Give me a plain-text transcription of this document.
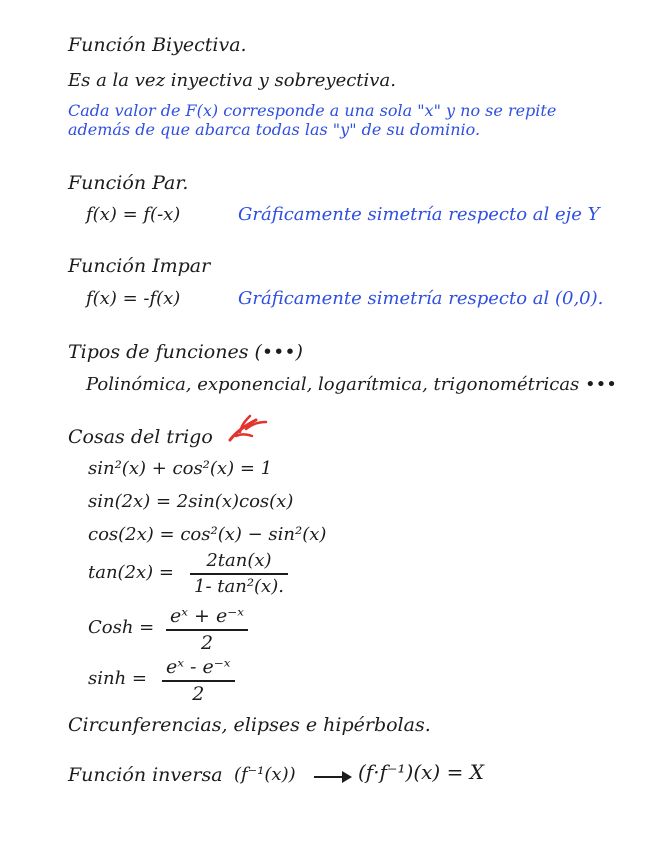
Función Biyectiva.
Es a la vez inyectiva y sobreyectiva.
Cada valor de F(x) corresponde a una sola "x" y no se repite
además de que abarca todas las "y" de su dominio.
Función Par.
f(x) = f(-x)	Gráficamente simetría respecto al eje Y
Función Impar
f(x) = -f(x)	Gráficamente simetría respecto al (0,0).
Tipos de funciones (•••)
Polinómica, exponencial, logarítmica, trigonométricas •••
Cosas del trigo
sin²(x) + cos²(x) = 1
sin(2x) = 2sin(x)cos(x)
cos(2x) = cos²(x) − sin²(x)
tan(2x) =
2tan(x)
1- tan²(x).
Cosh =
eˣ + e⁻ˣ
2
sinh =
eˣ - e⁻ˣ
2
Circunferencias, elipses e hipérbolas.
Función inversa (f⁻¹(x))	(f·f⁻¹)(x) = X
